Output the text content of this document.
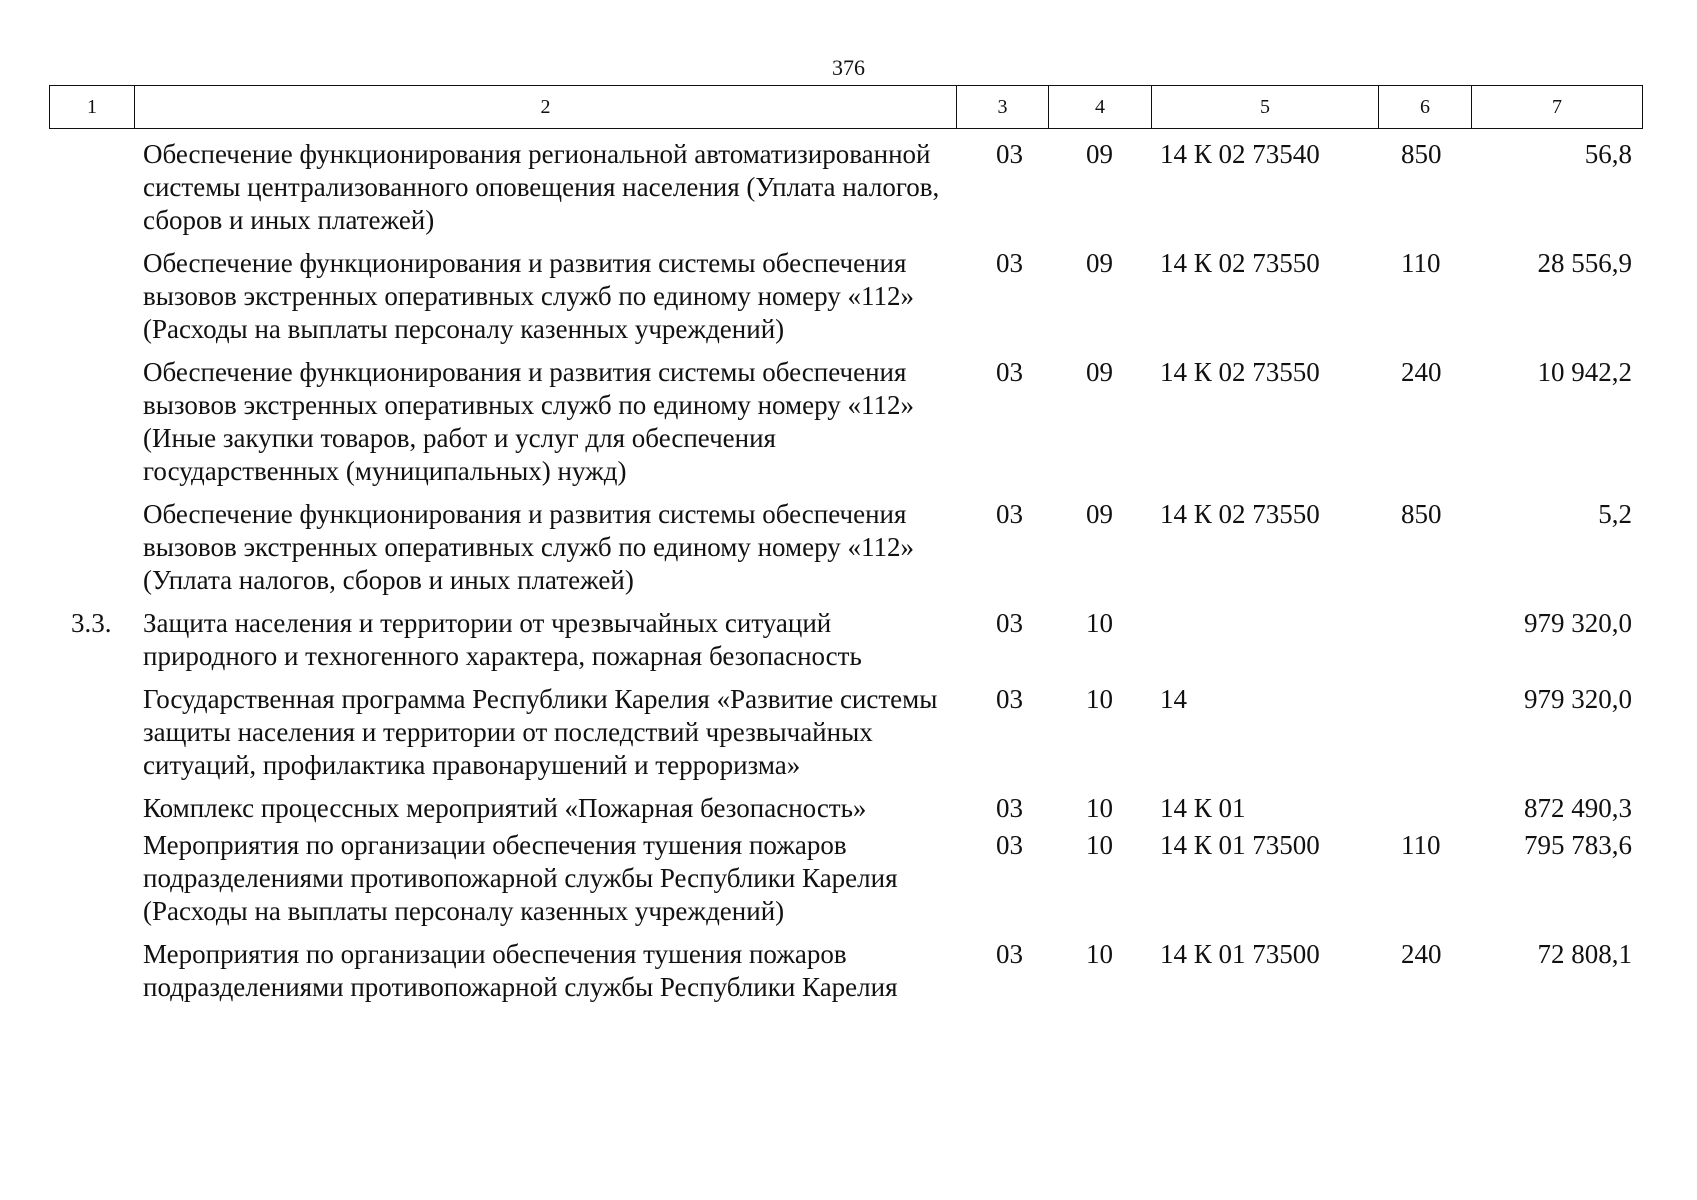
376
1	2	3	4	5	6	7
	Обеспечение функционирования региональной автоматизированной системы централизованного оповещения населения (Уплата налогов, сборов и иных платежей)	03	09	14 К 02 73540	850	56,8
	Обеспечение функционирования и развития системы обеспечения вызовов экстренных оперативных служб по единому номеру «112» (Расходы на выплаты персоналу казенных учреждений)	03	09	14 К 02 73550	110	28 556,9
	Обеспечение функционирования и развития системы обеспечения вызовов экстренных оперативных служб по единому номеру «112» (Иные закупки товаров, работ и услуг для обеспечения государственных (муниципальных) нужд)	03	09	14 К 02 73550	240	10 942,2
	Обеспечение функционирования и развития системы обеспечения вызовов экстренных оперативных служб по единому номеру «112» (Уплата налогов, сборов и иных платежей)	03	09	14 К 02 73550	850	5,2
3.3.	Защита населения и территории от чрезвычайных ситуаций природного и техногенного характера, пожарная безопасность	03	10			979 320,0
	Государственная программа Республики Карелия «Развитие системы защиты населения и территории от последствий чрезвычайных ситуаций, профилактика правонарушений и терроризма»	03	10	14		979 320,0
	Комплекс процессных мероприятий «Пожарная безопасность»	03	10	14 К 01		872 490,3
	Мероприятия по организации обеспечения тушения пожаров подразделениями противопожарной службы Республики Карелия (Расходы на выплаты персоналу казенных учреждений)	03	10	14 К 01 73500	110	795 783,6
	Мероприятия по организации обеспечения тушения пожаров подразделениями противопожарной службы Республики Карелия	03	10	14 К 01 73500	240	72 808,1
